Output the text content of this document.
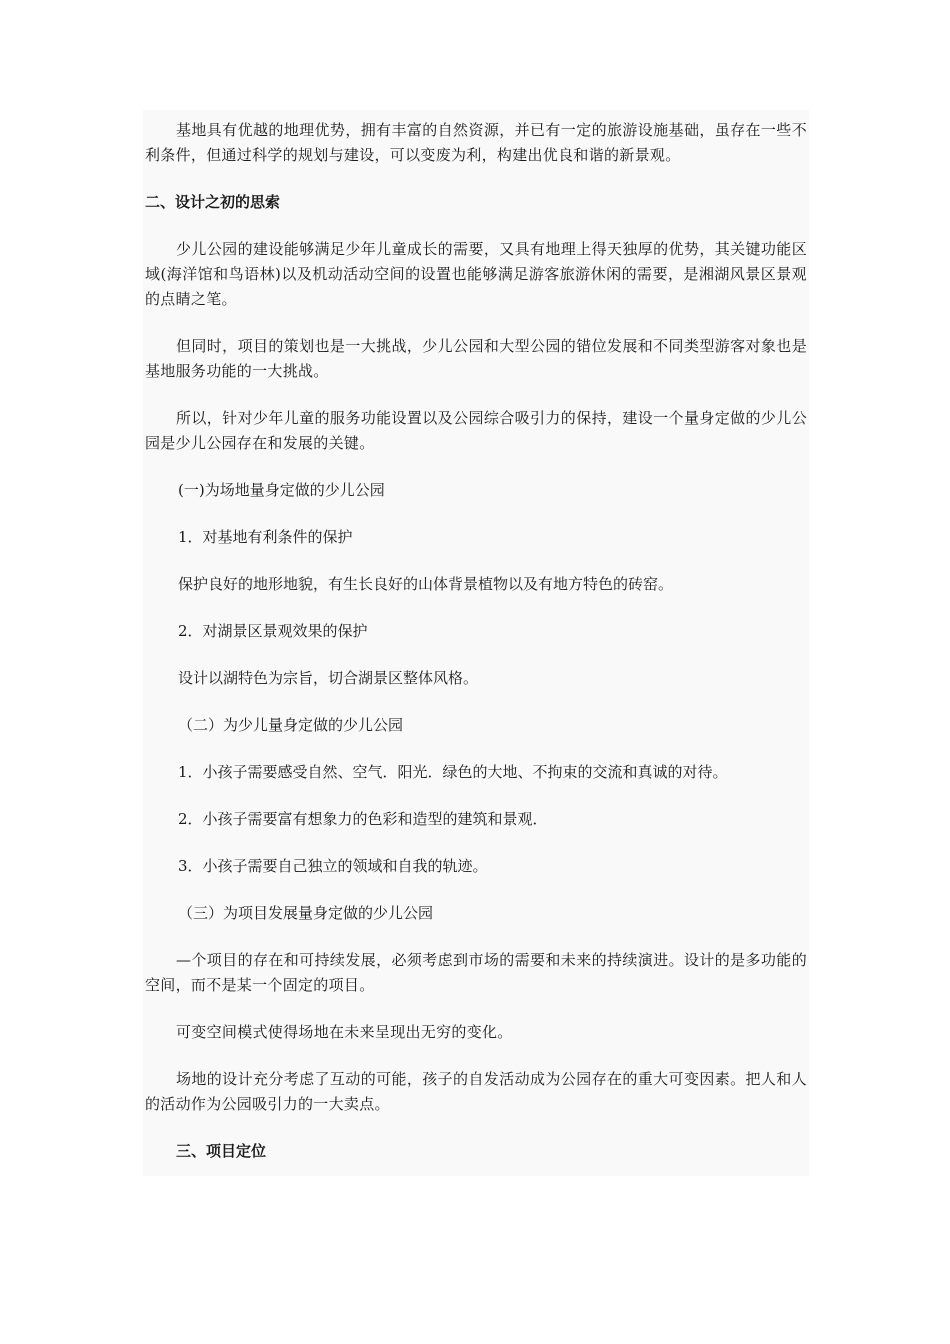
基地具有优越的地理优势，拥有丰富的自然资源，并已有一定的旅游设施基础，虽存在一些不利条件，但通过科学的规划与建设，可以变废为利，构建出优良和谐的新景观。

二、设计之初的思索

少儿公园的建设能够满足少年儿童成长的需要，又具有地理上得天独厚的优势，其关键功能区域(海洋馆和鸟语林)以及机动活动空间的设置也能够满足游客旅游休闲的需要，是湘湖风景区景观的点睛之笔。

但同时，项目的策划也是一大挑战，少儿公园和大型公园的错位发展和不同类型游客对象也是基地服务功能的一大挑战。

所以，针对少年儿童的服务功能设置以及公园综合吸引力的保持，建设一个量身定做的少儿公园是少儿公园存在和发展的关键。

(一)为场地量身定做的少儿公园

1．对基地有利条件的保护

保护良好的地形地貌，有生长良好的山体背景植物以及有地方特色的砖窑。

2．对湖景区景观效果的保护

设计以湖特色为宗旨，切合湖景区整体风格。

（二）为少儿量身定做的少儿公园

1．小孩子需要感受自然、空气．阳光．绿色的大地、不拘束的交流和真诚的对待。

2．小孩子需要富有想象力的色彩和造型的建筑和景观．

3．小孩子需要自己独立的领域和自我的轨迹。

（三）为项目发展量身定做的少儿公园

—个项目的存在和可持续发展，必须考虑到市场的需要和未来的持续演进。设计的是多功能的空间，而不是某一个固定的项目。

可变空间模式使得场地在未来呈现出无穷的变化。

场地的设计充分考虑了互动的可能，孩子的自发活动成为公园存在的重大可变因素。把人和人的活动作为公园吸引力的一大卖点。

三、项目定位
